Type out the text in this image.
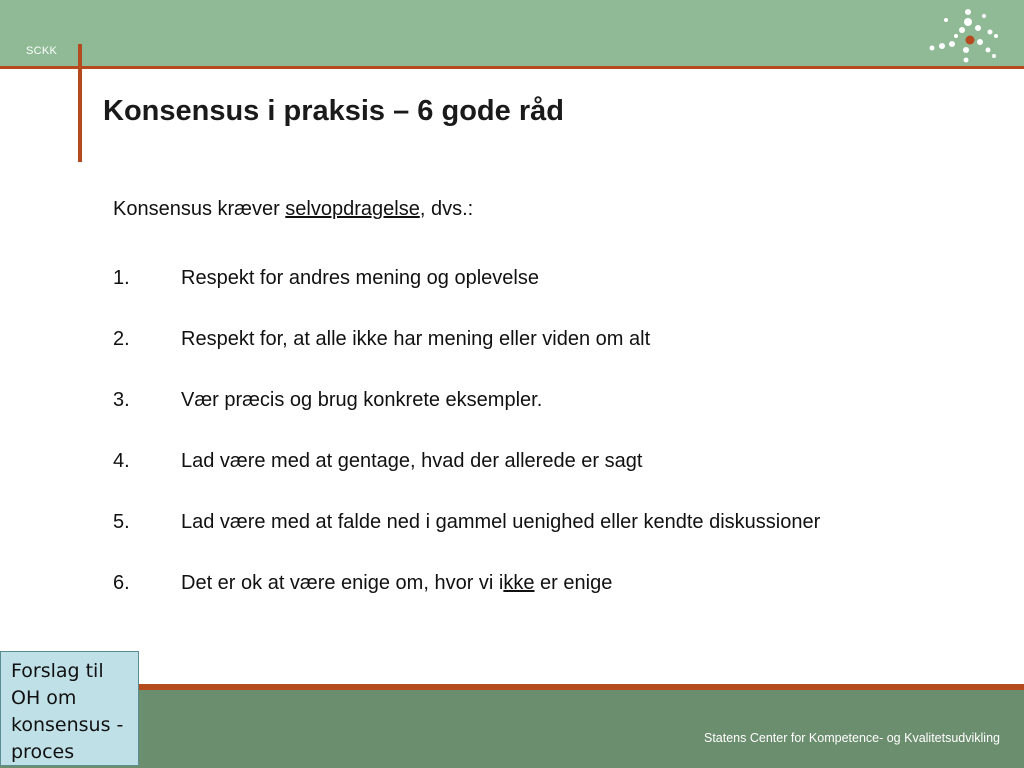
SCKK
Konsensus i praksis – 6 gode råd
Konsensus kræver selvopdragelse, dvs.:
1.	Respekt for andres mening og oplevelse
2.	Respekt for, at alle ikke har mening eller viden om alt
3.	Vær præcis og brug konkrete eksempler.
4.	Lad være med at gentage, hvad der allerede er sagt
5.	Lad være med at falde ned i gammel uenighed eller kendte diskussioner
6.	Det er ok at være enige om, hvor vi ikke er enige
Statens Center for Kompetence- og Kvalitetsudvikling
Forslag til OH om konsensus -proces
